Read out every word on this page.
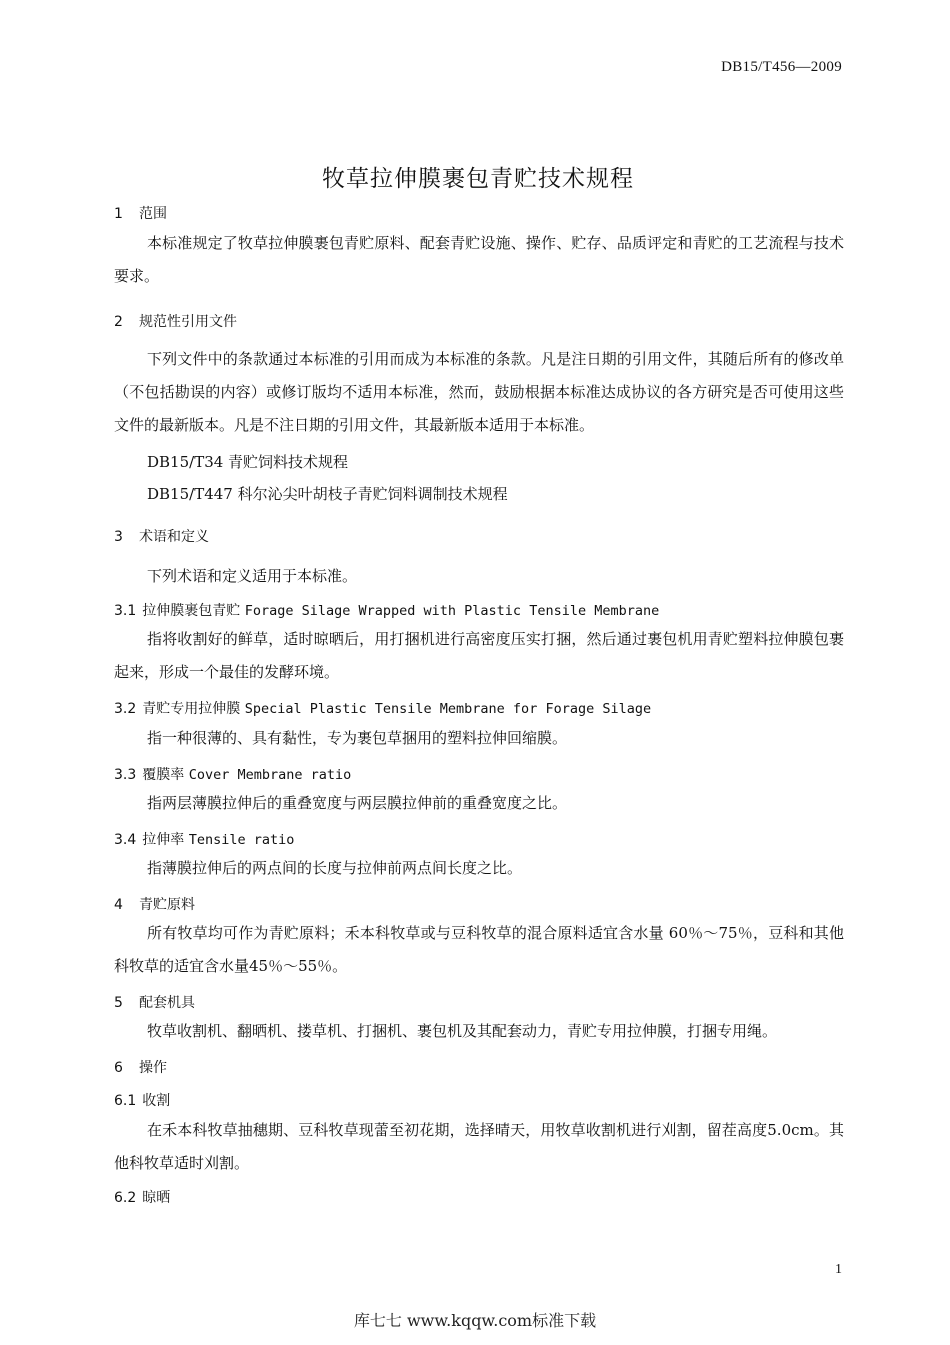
DB15/T456—2009
牧草拉伸膜裹包青贮技术规程
1 范围

本标准规定了牧草拉伸膜裹包青贮原料、配套青贮设施、操作、贮存、品质评定和青贮的工艺流程与技术要求。

2 规范性引用文件

下列文件中的条款通过本标准的引用而成为本标准的条款。凡是注日期的引用文件，其随后所有的修改单（不包括勘误的内容）或修订版均不适用本标准，然而，鼓励根据本标准达成协议的各方研究是否可使用这些文件的最新版本。凡是不注日期的引用文件，其最新版本适用于本标准。

DB15/T34 青贮饲料技术规程
DB15/T447 科尔沁尖叶胡枝子青贮饲料调制技术规程
3 术语和定义

下列术语和定义适用于本标准。

3.1 拉伸膜裹包青贮 Forage Silage Wrapped with Plastic Tensile Membrane

指将收割好的鲜草，适时晾晒后，用打捆机进行高密度压实打捆，然后通过裹包机用青贮塑料拉伸膜包裹起来，形成一个最佳的发酵环境。

3.2 青贮专用拉伸膜 Special Plastic Tensile Membrane for Forage Silage

指一种很薄的、具有黏性，专为裹包草捆用的塑料拉伸回缩膜。

3.3 覆膜率 Cover Membrane ratio

指两层薄膜拉伸后的重叠宽度与两层膜拉伸前的重叠宽度之比。

3.4 拉伸率 Tensile ratio

指薄膜拉伸后的两点间的长度与拉伸前两点间长度之比。

4 青贮原料

所有牧草均可作为青贮原料；禾本科牧草或与豆科牧草的混合原料适宜含水量 60％～75％，豆科和其他科牧草的适宜含水量45％～55％。

5 配套机具

牧草收割机、翻晒机、搂草机、打捆机、裹包机及其配套动力，青贮专用拉伸膜，打捆专用绳。

6 操作
6.1 收割

在禾本科牧草抽穗期、豆科牧草现蕾至初花期，选择晴天，用牧草收割机进行刈割，留茬高度5.0cm。其他科牧草适时刈割。

6.2 晾晒
1
库七七 www.kqqw.com标准下载
